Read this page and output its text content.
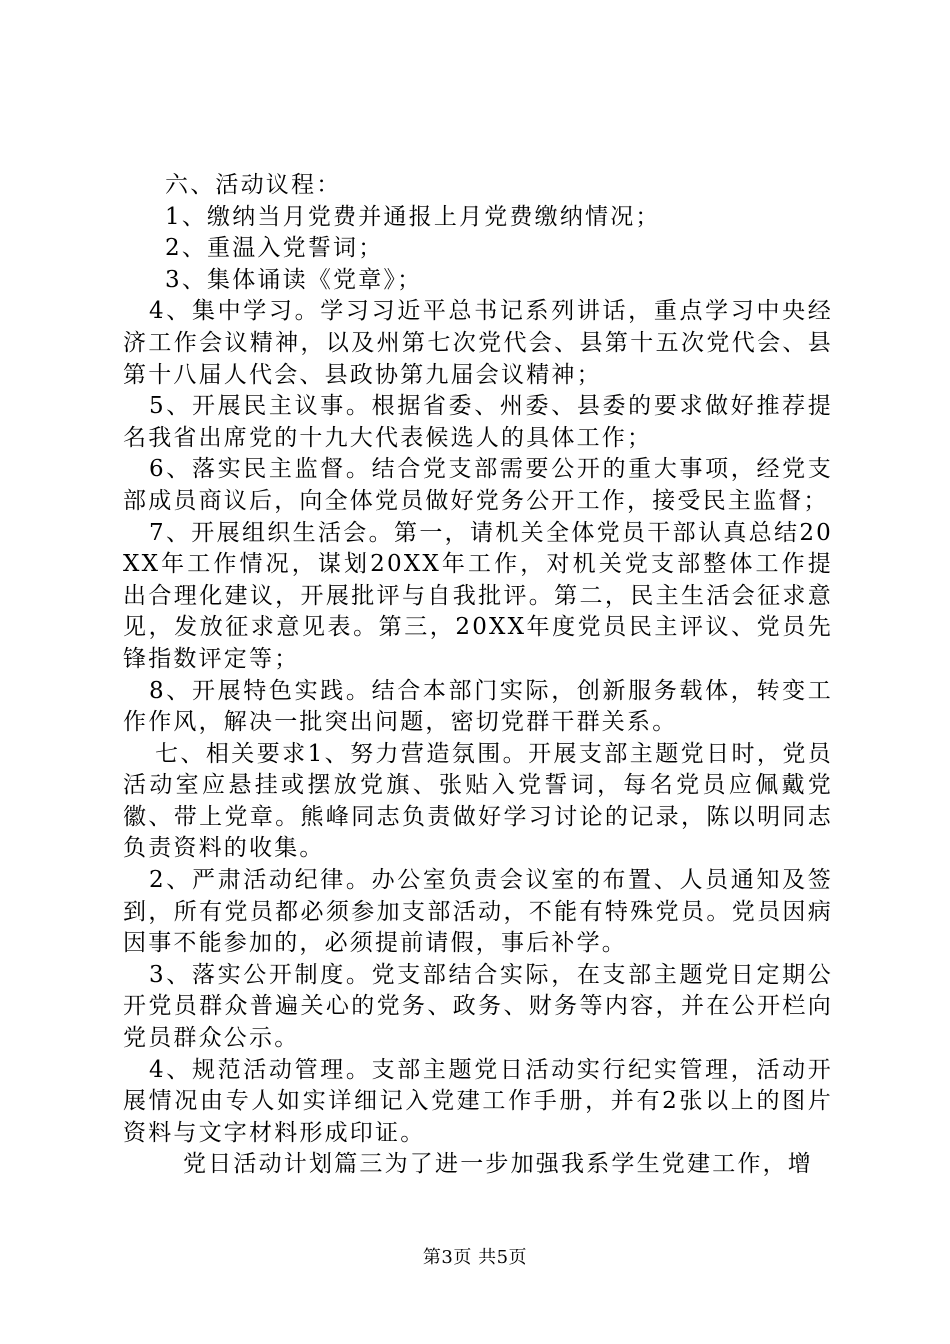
六、活动议程：

1、缴纳当月党费并通报上月党费缴纳情况；

2、重温入党誓词；

3、集体诵读《党章》；

4、集中学习。学习习近平总书记系列讲话，重点学习中央经济工作会议精神，以及州第七次党代会、县第十五次党代会、县第十八届人代会、县政协第九届会议精神；

5、开展民主议事。根据省委、州委、县委的要求做好推荐提名我省出席党的十九大代表候选人的具体工作；

6、落实民主监督。结合党支部需要公开的重大事项，经党支部成员商议后，向全体党员做好党务公开工作，接受民主监督；

7、开展组织生活会。第一，请机关全体党员干部认真总结20XX年工作情况，谋划20XX年工作，对机关党支部整体工作提出合理化建议，开展批评与自我批评。第二，民主生活会征求意见，发放征求意见表。第三，20XX年度党员民主评议、党员先锋指数评定等；

8、开展特色实践。结合本部门实际，创新服务载体，转变工作作风，解决一批突出问题，密切党群干群关系。

七、相关要求1、努力营造氛围。开展支部主题党日时，党员活动室应悬挂或摆放党旗、张贴入党誓词，每名党员应佩戴党徽、带上党章。熊峰同志负责做好学习讨论的记录，陈以明同志负责资料的收集。

2、严肃活动纪律。办公室负责会议室的布置、人员通知及签到，所有党员都必须参加支部活动，不能有特殊党员。党员因病因事不能参加的，必须提前请假，事后补学。

3、落实公开制度。党支部结合实际，在支部主题党日定期公开党员群众普遍关心的党务、政务、财务等内容，并在公开栏向党员群众公示。

4、规范活动管理。支部主题党日活动实行纪实管理，活动开展情况由专人如实详细记入党建工作手册，并有2张以上的图片资料与文字材料形成印证。

党日活动计划篇三为了进一步加强我系学生党建工作，增

第3页 共5页
